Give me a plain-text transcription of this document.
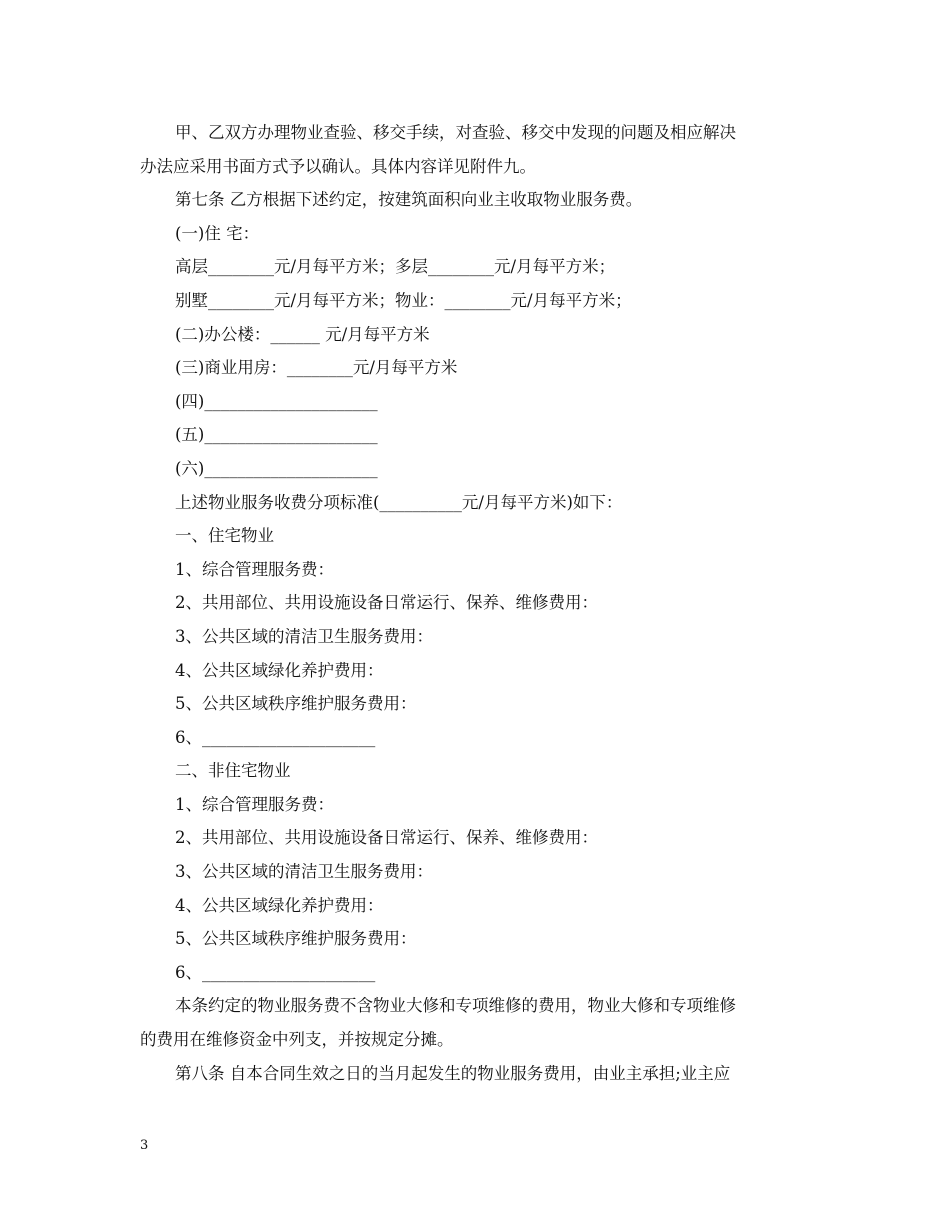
甲、乙双方办理物业查验、移交手续，对查验、移交中发现的问题及相应解决
办法应采用书面方式予以确认。具体内容详见附件九。
第七条 乙方根据下述约定，按建筑面积向业主收取物业服务费。
(一)住 宅：
高层________元/月每平方米；多层________元/月每平方米；
别墅________元/月每平方米；物业：________元/月每平方米；
(二)办公楼：______ 元/月每平方米
(三)商业用房：________元/月每平方米
(四)_____________________
(五)_____________________
(六)_____________________
上述物业服务收费分项标准(__________元/月每平方米)如下：
一、住宅物业
1、综合管理服务费：
2、共用部位、共用设施设备日常运行、保养、维修费用：
3、公共区域的清洁卫生服务费用：
4、公共区域绿化养护费用：
5、公共区域秩序维护服务费用：
6、_____________________
二、非住宅物业
1、综合管理服务费：
2、共用部位、共用设施设备日常运行、保养、维修费用：
3、公共区域的清洁卫生服务费用：
4、公共区域绿化养护费用：
5、公共区域秩序维护服务费用：
6、_____________________
本条约定的物业服务费不含物业大修和专项维修的费用，物业大修和专项维修
的费用在维修资金中列支，并按规定分摊。
第八条 自本合同生效之日的当月起发生的物业服务费用，由业主承担;业主应
3
